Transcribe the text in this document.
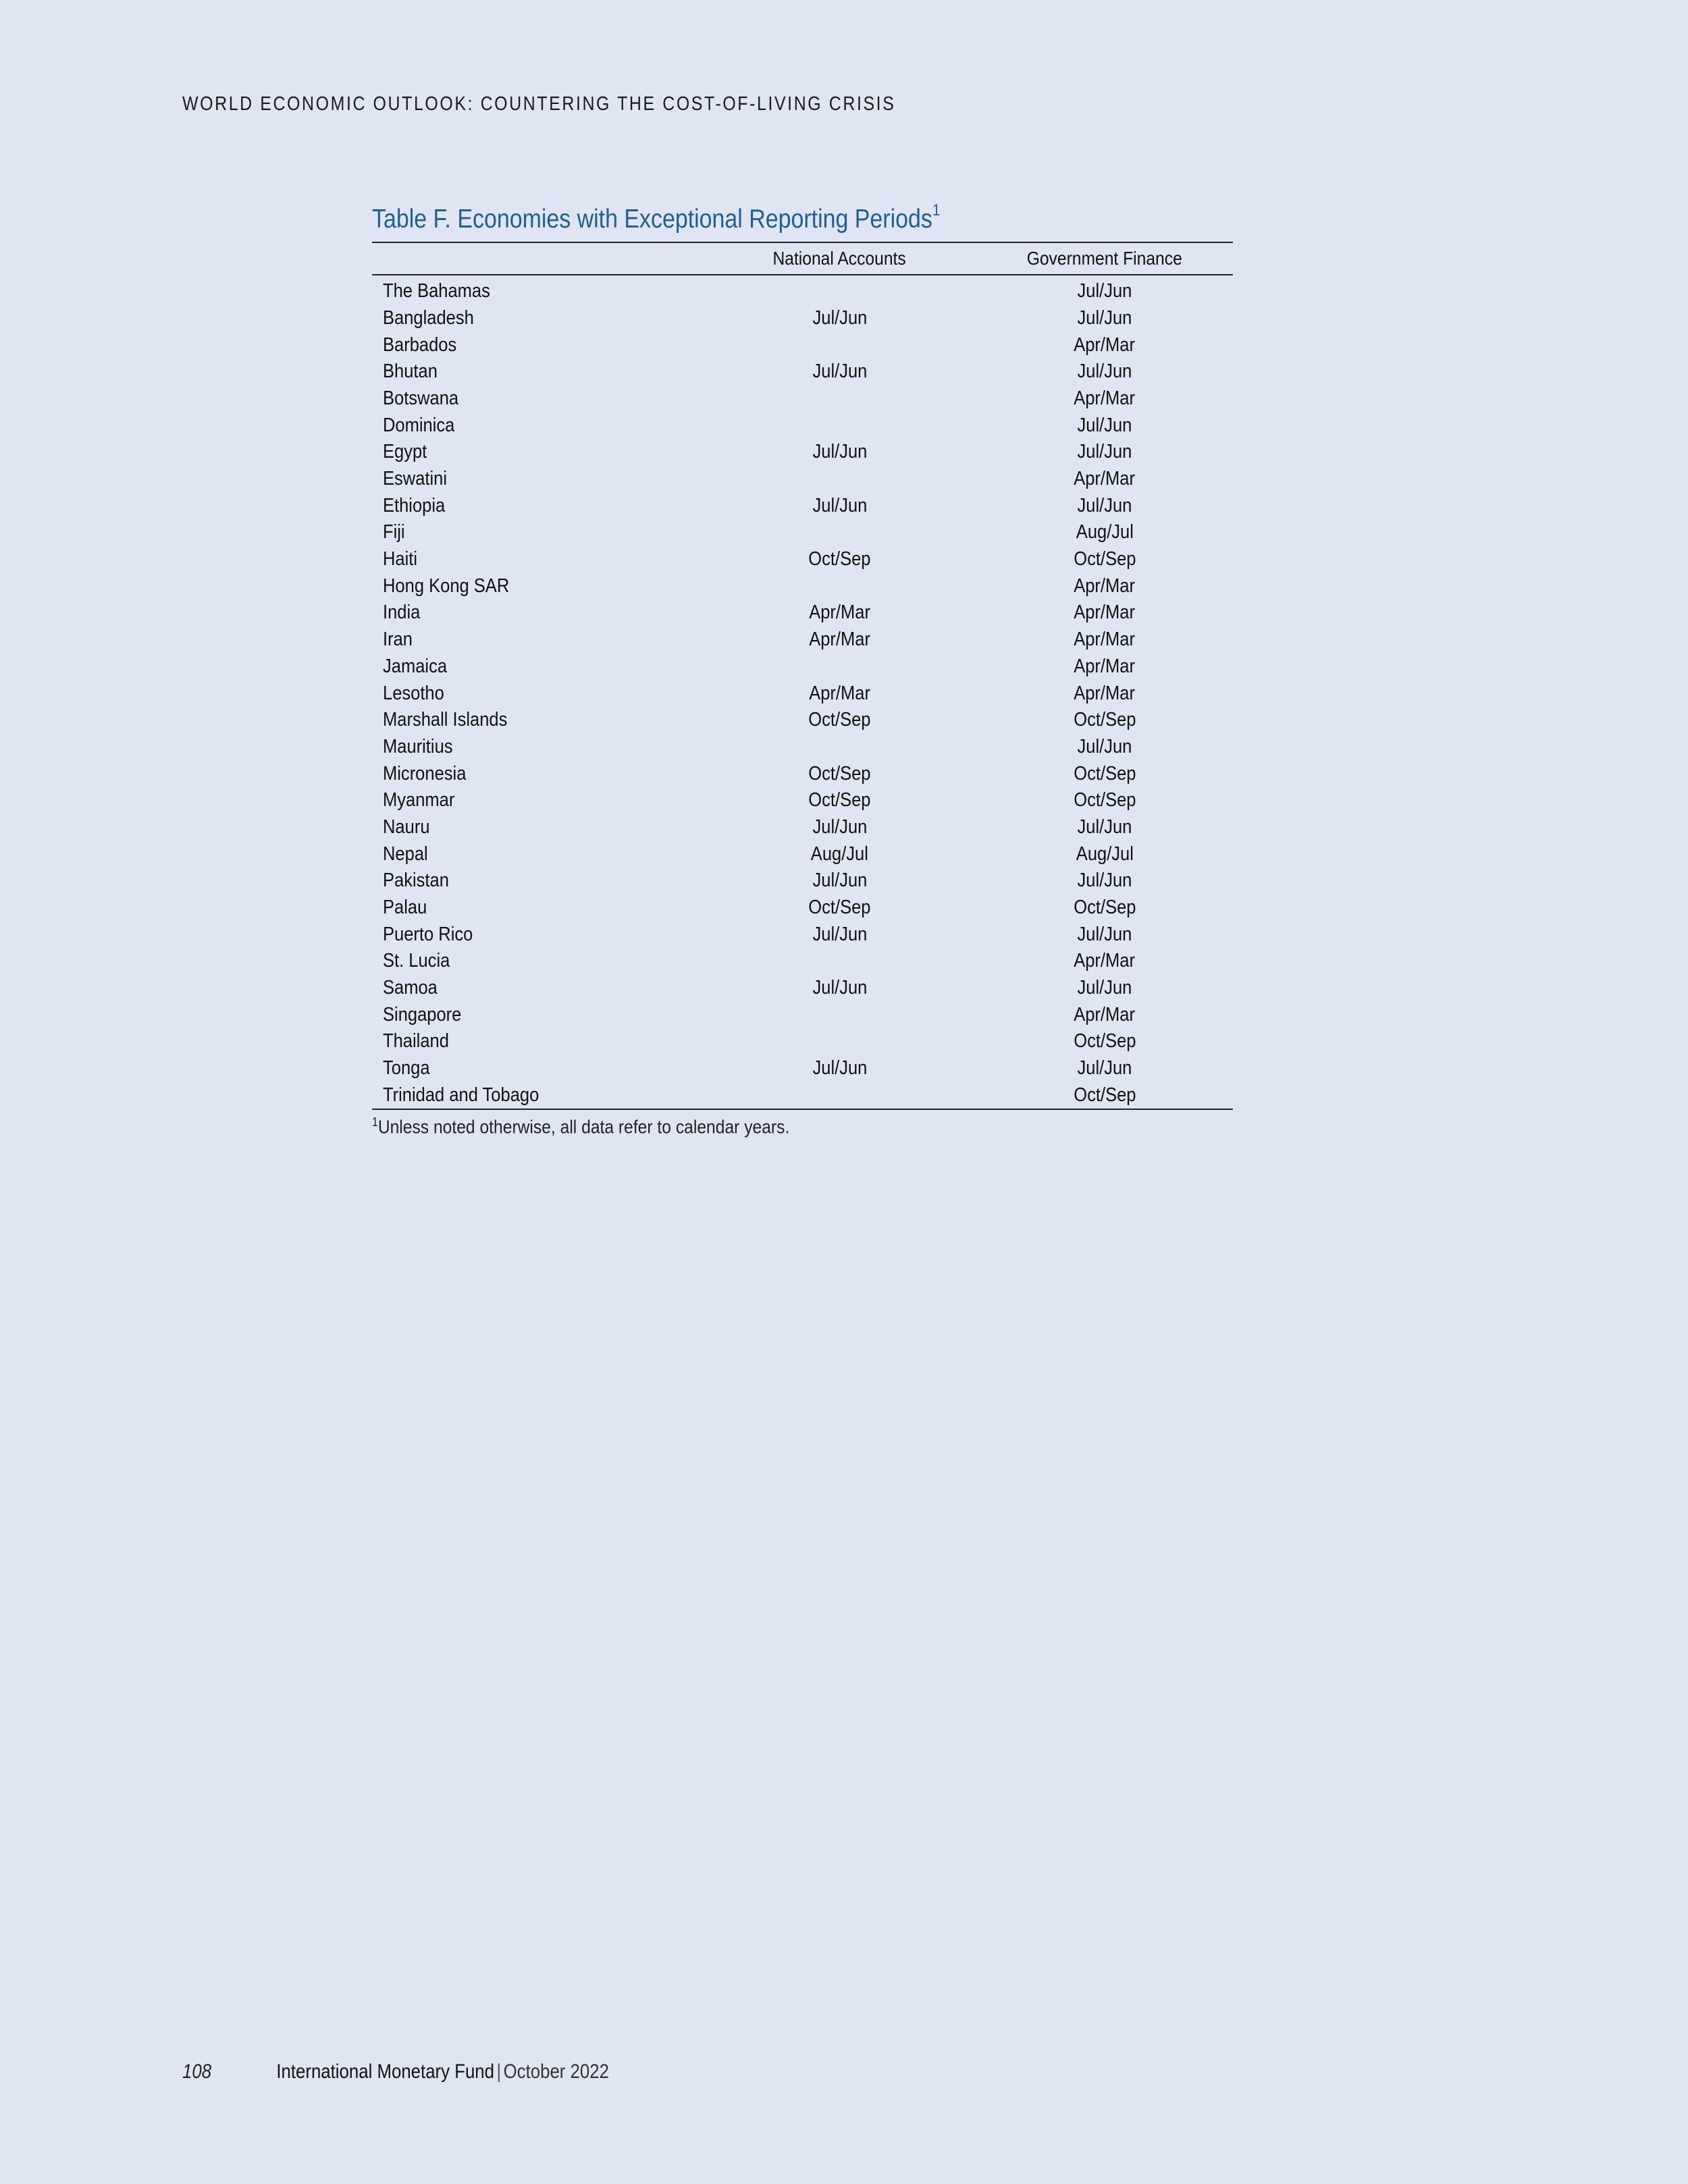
WORLD ECONOMIC OUTLOOK: COUNTERING THE COST-OF-LIVING CRISIS
Table F. Economies with Exceptional Reporting Periods$^1$
	National Accounts	Government Finance
The Bahamas		Jul/Jun
Bangladesh	Jul/Jun	Jul/Jun
Barbados		Apr/Mar
Bhutan	Jul/Jun	Jul/Jun
Botswana		Apr/Mar
Dominica		Jul/Jun
Egypt	Jul/Jun	Jul/Jun
Eswatini		Apr/Mar
Ethiopia	Jul/Jun	Jul/Jun
Fiji		Aug/Jul
Haiti	Oct/Sep	Oct/Sep
Hong Kong SAR		Apr/Mar
India	Apr/Mar	Apr/Mar
Iran	Apr/Mar	Apr/Mar
Jamaica		Apr/Mar
Lesotho	Apr/Mar	Apr/Mar
Marshall Islands	Oct/Sep	Oct/Sep
Mauritius		Jul/Jun
Micronesia	Oct/Sep	Oct/Sep
Myanmar	Oct/Sep	Oct/Sep
Nauru	Jul/Jun	Jul/Jun
Nepal	Aug/Jul	Aug/Jul
Pakistan	Jul/Jun	Jul/Jun
Palau	Oct/Sep	Oct/Sep
Puerto Rico	Jul/Jun	Jul/Jun
St. Lucia		Apr/Mar
Samoa	Jul/Jun	Jul/Jun
Singapore		Apr/Mar
Thailand		Oct/Sep
Tonga	Jul/Jun	Jul/Jun
Trinidad and Tobago		Oct/Sep
$^1$Unless noted otherwise, all data refer to calendar years.
108	International Monetary Fund | October 2022
